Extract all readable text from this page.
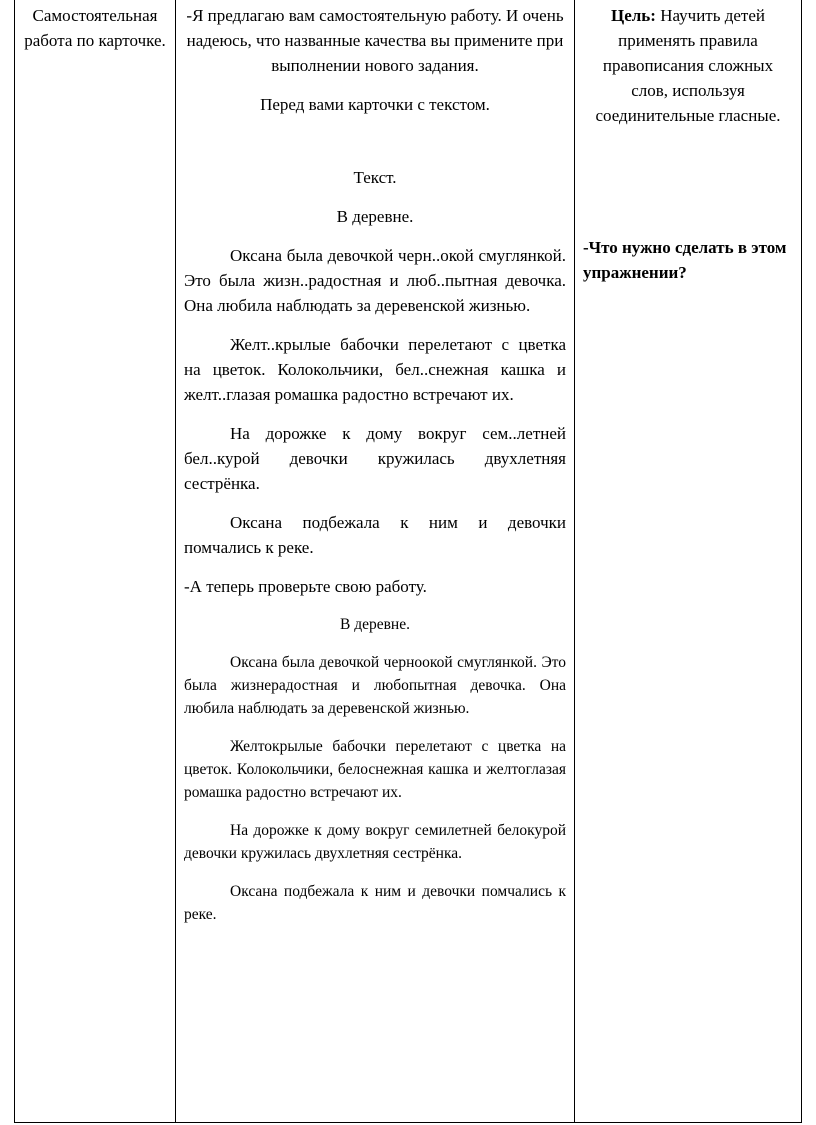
Самостоятельная работа по карточке.

-Я предлагаю вам самостоятельную работу. И очень надеюсь, что названные качества вы примените при выполнении нового задания.

Перед вами карточки с текстом.

Текст.

В деревне.

Оксана была девочкой черн..окой смуглянкой. Это была жизн..радостная и люб..пытная девочка. Она любила наблюдать за деревенской жизнью.

Желт..крылые бабочки перелетают с цветка на цветок. Колокольчики, бел..снежная кашка и желт..глазая ромашка радостно встречают их.

На дорожке к дому вокруг сем..летней бел..курой девочки кружилась двухлетняя сестрёнка.

Оксана подбежала к ним и девочки помчались к реке.

-А теперь проверьте свою работу.

В деревне.

Оксана была девочкой черноокой смуглянкой. Это была жизнерадостная и любопытная девочка. Она любила наблюдать за деревенской жизнью.

Желтокрылые бабочки перелетают с цветка на цветок. Колокольчики, белоснежная кашка и желтоглазая ромашка радостно встречают их.

На дорожке к дому вокруг семилетней белокурой девочки кружилась двухлетняя сестрёнка.

Оксана подбежала к ним и девочки помчались к реке.

Цель: Научить детей применять правила правописания сложных слов, используя соединительные гласные.

-Что нужно сделать в этом упражнении?
